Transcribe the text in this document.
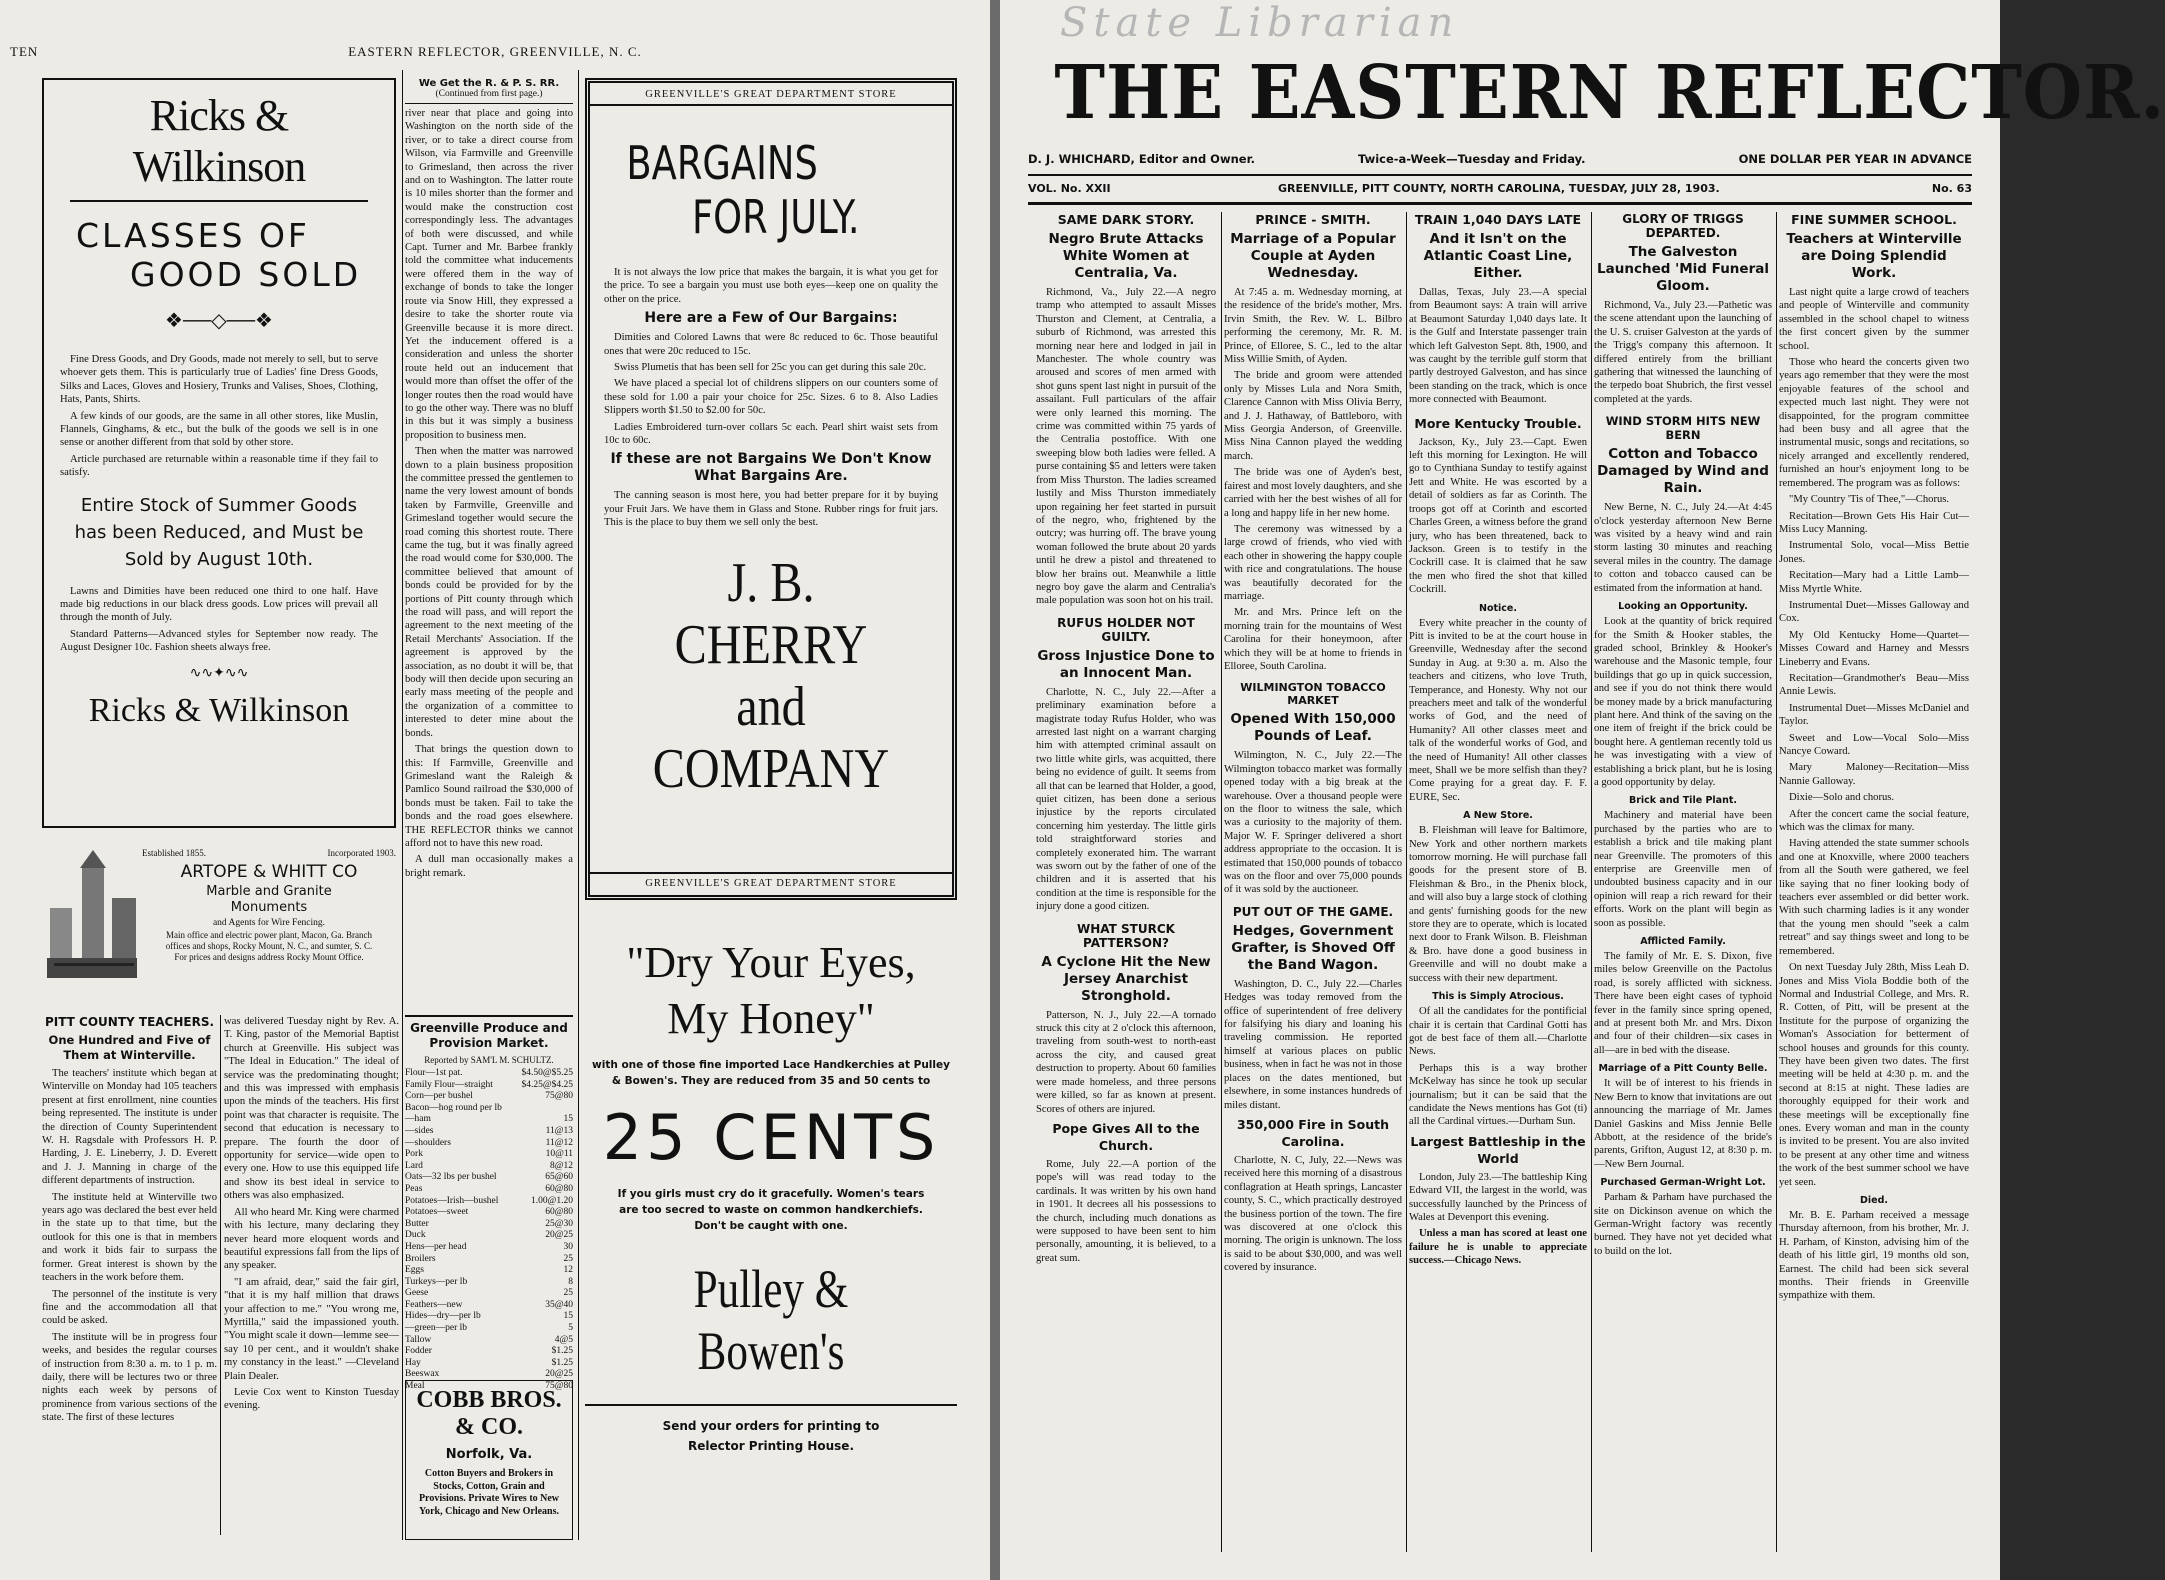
TEN	EASTERN REFLECTOR, GREENVILLE, N. C.
Ricks & Wilkinson
CLASSES OF
GOOD SOLD
❖──◇──❖

Fine Dress Goods, and Dry Goods, made not merely to sell, but to serve whoever gets them. This is particularly true of Ladies' fine Dress Goods, Silks and Laces, Gloves and Hosiery, Trunks and Valises, Shoes, Clothing, Hats, Pants, Shirts.

A few kinds of our goods, are the same in all other stores, like Muslin, Flannels, Ginghams, & etc., but the bulk of the goods we sell is in one sense or another different from that sold by other store.

Article purchased are returnable within a reasonable time if they fail to satisfy.

Entire Stock of Summer Goods has been Reduced, and Must be Sold by August 10th.

Lawns and Dimities have been reduced one third to one half. Have made big reductions in our black dress goods. Low prices will prevail all through the month of July.

Standard Patterns—Advanced styles for September now ready. The August Designer 10c. Fashion sheets always free.

∿∿✦∿∿
Ricks & Wilkinson
Established 1855.	Incorporated 1903.
ARTOPE & WHITT CO
Marble and Granite Monuments
and Agents for Wire Fencing.
Main office and electric power plant, Macon, Ga. Branch offices and shops, Rocky Mount, N. C., and sumter, S. C. For prices and designs address Rocky Mount Office.
PITT COUNTY TEACHERS.
One Hundred and Five of Them at Winterville.

The teachers' institute which began at Winterville on Monday had 105 teachers present at first enrollment, nine counties being represented. The institute is under the direction of County Superintendent W. H. Ragsdale with Professors H. P. Harding, J. E. Lineberry, J. D. Everett and J. J. Manning in charge of the different departments of instruction.

The institute held at Winterville two years ago was declared the best ever held in the state up to that time, but the outlook for this one is that in members and work it bids fair to surpass the former. Great interest is shown by the teachers in the work before them.

The personnel of the institute is very fine and the accommodation all that could be asked.

The institute will be in progress four weeks, and besides the regular courses of instruction from 8:30 a. m. to 1 p. m. daily, there will be lectures two or three nights each week by persons of prominence from various sections of the state. The first of these lectures

was delivered Tuesday night by Rev. A. T. King, pastor of the Memorial Baptist church at Greenville. His subject was "The Ideal in Education." The ideal of service was the predominating thought; and this was impressed with emphasis upon the minds of the teachers. His first point was that character is requisite. The second that education is necessary to prepare. The fourth the door of opportunity for service—wide open to every one. How to use this equipped life and show its best ideal in service to others was also emphasized.

All who heard Mr. King were charmed with his lecture, many declaring they never heard more eloquent words and beautiful expressions fall from the lips of any speaker.

"I am afraid, dear," said the fair girl, "that it is my half million that draws your affection to me." "You wrong me, Myrtilla," said the impassioned youth. "You might scale it down—lemme see—say 10 per cent., and it wouldn't shake my constancy in the least." —Cleveland Plain Dealer.

Levie Cox went to Kinston Tuesday evening.

We Get the R. & P. S. RR.
(Continued from first page.)

river near that place and going into Washington on the north side of the river, or to take a direct course from Wilson, via Farmville and Greenville to Grimesland, then across the river and on to Washington. The latter route is 10 miles shorter than the former and would make the construction cost correspondingly less. The advantages of both were discussed, and while Capt. Turner and Mr. Barbee frankly told the committee what inducements were offered them in the way of exchange of bonds to take the longer route via Snow Hill, they expressed a desire to take the shorter route via Greenville because it is more direct. Yet the inducement offered is a consideration and unless the shorter route held out an inducement that would more than offset the offer of the longer routes then the road would have to go the other way. There was no bluff in this but it was simply a business proposition to business men.

Then when the matter was narrowed down to a plain business proposition the committee pressed the gentlemen to name the very lowest amount of bonds taken by Farmville, Greenville and Grimesland together would secure the road coming this shortest route. There came the tug, but it was finally agreed the road would come for $30,000. The committee believed that amount of bonds could be provided for by the portions of Pitt county through which the road will pass, and will report the agreement to the next meeting of the Retail Merchants' Association. If the agreement is approved by the association, as no doubt it will be, that body will then decide upon securing an early mass meeting of the people and the organization of a committee to interested to deter mine about the bonds.

That brings the question down to this: If Farmville, Greenville and Grimesland want the Raleigh & Pamlico Sound railroad the $30,000 of bonds must be taken. Fail to take the bonds and the road goes elsewhere. THE REFLECTOR thinks we cannot afford not to have this new road.

A dull man occasionally makes a bright remark.

Greenville Produce and Provision Market.
Reported by SAM'L M. SCHULTZ.
Flour—1st pat.	$4.50@$5.25
Family Flour—straight	$4.25@$4.25
Corn—per bushel	75@80
Bacon—hog round per lb
—ham	15
—sides	11@13
—shoulders	11@12
Pork	10@11
Lard	8@12
Oats—32 lbs per bushel	65@60
Peas	60@80
Potatoes—Irish—bushel	1.00@1.20
Potatoes—sweet	60@80
Butter	25@30
Duck	20@25
Hens—per head	30
Broilers	25
Eggs	12
Turkeys—per lb	8
Geese	25
Feathers—new	35@40
Hides—dry—per lb	15
—green—per lb	5
Tallow	4@5
Fodder	$1.25
Hay	$1.25
Beeswax	20@25
Meal	75@80
COBB BROS. & CO.
Norfolk, Va.
Cotton Buyers and Brokers in Stocks, Cotton, Grain and Provisions. Private Wires to New York, Chicago and New Orleans.
GREENVILLE'S GREAT DEPARTMENT STORE
BARGAINS
FOR JULY.

It is not always the low price that makes the bargain, it is what you get for the price. To see a bargain you must use both eyes—keep one on quality the other on the price.

Here are a Few of Our Bargains:

Dimities and Colored Lawns that were 8c reduced to 6c. Those beautiful ones that were 20c reduced to 15c.

Swiss Plumetis that has been sell for 25c you can get during this sale 20c.

We have placed a special lot of childrens slippers on our counters some of these sold for 1.00 a pair your choice for 25c. Sizes. 6 to 8. Also Ladies Slippers worth $1.50 to $2.00 for 50c.

Ladies Embroidered turn-over collars 5c each. Pearl shirt waist sets from 10c to 60c.

If these are not Bargains We Don't Know What Bargains Are.

The canning season is most here, you had better prepare for it by buying your Fruit Jars. We have them in Glass and Stone. Rubber rings for fruit jars. This is the place to buy them we sell only the best.

J. B. CHERRY
and COMPANY
GREENVILLE'S GREAT DEPARTMENT STORE
"Dry Your Eyes, My Honey"
with one of those fine imported Lace Handkerchies at Pulley & Bowen's. They are reduced from 35 and 50 cents to
25 CENTS
If you girls must cry do it gracefully. Women's tears are too secred to waste on common handkerchiefs. Don't be caught with one.
Pulley & Bowen's
Send your orders for printing to Relector Printing House.
State Librarian
THE EASTERN REFLECTOR.
D. J. WHICHARD, Editor and Owner.	Twice-a-Week—Tuesday and Friday.	ONE DOLLAR PER YEAR IN ADVANCE
VOL. No. XXII	GREENVILLE, PITT COUNTY, NORTH CAROLINA, TUESDAY, JULY 28, 1903.	No. 63
SAME DARK STORY.
Negro Brute Attacks White Women at Centralia, Va.

Richmond, Va., July 22.—A negro tramp who attempted to assault Misses Thurston and Clement, at Centralia, a suburb of Richmond, was arrested this morning near here and lodged in jail in Manchester. The whole country was aroused and scores of men armed with shot guns spent last night in pursuit of the assailant. Full particulars of the affair were only learned this morning. The crime was committed within 75 yards of the Centralia postoffice. With one sweeping blow both ladies were felled. A purse containing $5 and letters were taken from Miss Thurston. The ladies screamed lustily and Miss Thurston immediately upon regaining her feet started in pursuit of the negro, who, frightened by the outcry; was hurring off. The brave young woman followed the brute about 20 yards until he drew a pistol and threatened to blow her brains out. Meanwhile a little negro boy gave the alarm and Centralia's male population was soon hot on his trail.

RUFUS HOLDER NOT GUILTY.
Gross Injustice Done to an Innocent Man.

Charlotte, N. C., July 22.—After a preliminary examination before a magistrate today Rufus Holder, who was arrested last night on a warrant charging him with attempted criminal assault on two little white girls, was acquitted, there being no evidence of guilt. It seems from all that can be learned that Holder, a good, quiet citizen, has been done a serious injustice by the reports circulated concerning him yesterday. The little girls told straightforward stories and completely exonerated him. The warrant was sworn out by the father of one of the children and it is asserted that his condition at the time is responsible for the injury done a good citizen.

WHAT STURCK PATTERSON?
A Cyclone Hit the New Jersey Anarchist Stronghold.

Patterson, N. J., July 22.—A tornado struck this city at 2 o'clock this afternoon, traveling from south-west to north-east across the city, and caused great destruction to property. About 60 families were made homeless, and three persons were killed, so far as known at present. Scores of others are injured.

Pope Gives All to the Church.

Rome, July 22.—A portion of the pope's will was read today to the cardinals. It was written by his own hand in 1901. It decrees all his possessions to the church, including much donations as were supposed to have been sent to him personally, amounting, it is believed, to a great sum.

PRINCE - SMITH.
Marriage of a Popular Couple at Ayden Wednesday.

At 7:45 a. m. Wednesday morning, at the residence of the bride's mother, Mrs. Irvin Smith, the Rev. W. L. Bilbro performing the ceremony, Mr. R. M. Prince, of Elloree, S. C., led to the altar Miss Willie Smith, of Ayden.

The bride and groom were attended only by Misses Lula and Nora Smith, Clarence Cannon with Miss Olivia Berry, and J. J. Hathaway, of Battleboro, with Miss Georgia Anderson, of Greenville. Miss Nina Cannon played the wedding march.

The bride was one of Ayden's best, fairest and most lovely daughters, and she carried with her the best wishes of all for a long and happy life in her new home.

The ceremony was witnessed by a large crowd of friends, who vied with each other in showering the happy couple with rice and congratulations. The house was beautifully decorated for the marriage.

Mr. and Mrs. Prince left on the morning train for the mountains of West Carolina for their honeymoon, after which they will be at home to friends in Elloree, South Carolina.

WILMINGTON TOBACCO MARKET
Opened With 150,000 Pounds of Leaf.

Wilmington, N. C., July 22.—The Wilmington tobacco market was formally opened today with a big break at the warehouse. Over a thousand people were on the floor to witness the sale, which was a curiosity to the majority of them. Major W. F. Springer delivered a short address appropriate to the occasion. It is estimated that 150,000 pounds of tobacco was on the floor and over 75,000 pounds of it was sold by the auctioneer.

PUT OUT OF THE GAME.
Hedges, Government Grafter, is Shoved Off the Band Wagon.

Washington, D. C., July 22.—Charles Hedges was today removed from the office of superintendent of free delivery for falsifying his diary and loaning his traveling commission. He reported himself at various places on public business, when in fact he was not in those places on the dates mentioned, but elsewhere, in some instances hundreds of miles distant.

350,000 Fire in South Carolina.

Charlotte, N. C, July, 22.—News was received here this morning of a disastrous conflagration at Heath springs, Lancaster county, S. C., which practically destroyed the business portion of the town. The fire was discovered at one o'clock this morning. The origin is unknown. The loss is said to be about $30,000, and was well covered by insurance.

TRAIN 1,040 DAYS LATE
And it Isn't on the Atlantic Coast Line, Either.

Dallas, Texas, July 23.—A special from Beaumont says: A train will arrive at Beaumont Saturday 1,040 days late. It is the Gulf and Interstate passenger train which left Galveston Sept. 8th, 1900, and was caught by the terrible gulf storm that partly destroyed Galveston, and has since been standing on the track, which is once more connected with Beaumont.

More Kentucky Trouble.

Jackson, Ky., July 23.—Capt. Ewen left this morning for Lexington. He will go to Cynthiana Sunday to testify against Jett and White. He was escorted by a detail of soldiers as far as Corinth. The troops got off at Corinth and escorted Charles Green, a witness before the grand jury, who has been threatened, back to Jackson. Green is to testify in the Cockrill case. It is claimed that he saw the men who fired the shot that killed Cockrill.

Notice.

Every white preacher in the county of Pitt is invited to be at the court house in Greenville, Wednesday after the second Sunday in Aug. at 9:30 a. m. Also the teachers and citizens, who love Truth, Temperance, and Honesty. Why not our preachers meet and talk of the wonderful works of God, and the need of Humanity? All other classes meet and talk of the wonderful works of God, and the need of Humanity! All other classes meet, Shall we be more selfish than they? Come praying for a great day. F. F. EURE, Sec.

A New Store.

B. Fleishman will leave for Baltimore, New York and other northern markets tomorrow morning. He will purchase fall goods for the present store of B. Fleishman & Bro., in the Phenix block, and will also buy a large stock of clothing and gents' furnishing goods for the new store they are to operate, which is located next door to Frank Wilson. B. Fleishman & Bro. have done a good business in Greenville and will no doubt make a success with their new department.

This is Simply Atrocious.

Of all the candidates for the pontificial chair it is certain that Cardinal Gotti has got de best face of them all.—Charlotte News.

Perhaps this is a way brother McKelway has since he took up secular journalism; but it can be said that the candidate the News mentions has Got (ti) all the Cardinal virtues.—Durham Sun.

Largest Battleship in the World

London, July 23.—The battleship King Edward VII, the largest in the world, was successfully launched by the Princess of Wales at Devenport this evening.

Unless a man has scored at least one failure he is unable to appreciate success.—Chicago News.

GLORY OF TRIGGS DEPARTED.
The Galveston Launched 'Mid Funeral Gloom.

Richmond, Va., July 23.—Pathetic was the scene attendant upon the launching of the U. S. cruiser Galveston at the yards of the Trigg's company this afternoon. It differed entirely from the brilliant gathering that witnessed the launching of the terpedo boat Shubrich, the first vessel completed at the yards.

WIND STORM HITS NEW BERN
Cotton and Tobacco Damaged by Wind and Rain.

New Berne, N. C., July 24.—At 4:45 o'clock yesterday afternoon New Berne was visited by a heavy wind and rain storm lasting 30 minutes and reaching several miles in the country. The damage to cotton and tobacco caused can be estimated from the information at hand.

Looking an Opportunity.

Look at the quantity of brick required for the Smith & Hooker stables, the graded school, Brinkley & Hooker's warehouse and the Masonic temple, four buildings that go up in quick succession, and see if you do not think there would be money made by a brick manufacturing plant here. And think of the saving on the one item of freight if the brick could be bought here. A gentleman recently told us he was investigating with a view of establishing a brick plant, but he is losing a good opportunity by delay.

Brick and Tile Plant.

Machinery and material have been purchased by the parties who are to establish a brick and tile making plant near Greenville. The promoters of this enterprise are Greenville men of undoubted business capacity and in our opinion will reap a rich reward for their efforts. Work on the plant will begin as soon as possible.

Afflicted Family.

The family of Mr. E. S. Dixon, five miles below Greenville on the Pactolus road, is sorely afflicted with sickness. There have been eight cases of typhoid fever in the family since spring opened, and at present both Mr. and Mrs. Dixon and four of their children—six cases in all—are in bed with the disease.

Marriage of a Pitt County Belle.

It will be of interest to his friends in New Bern to know that invitations are out announcing the marriage of Mr. James Daniel Gaskins and Miss Jennie Belle Abbott, at the residence of the bride's parents, Grifton, August 12, at 8:30 p. m.—New Bern Journal.

Purchased German-Wright Lot.

Parham & Parham have purchased the site on Dickinson avenue on which the German-Wright factory was recently burned. They have not yet decided what to build on the lot.

FINE SUMMER SCHOOL.
Teachers at Winterville are Doing Splendid Work.

Last night quite a large crowd of teachers and people of Winterville and community assembled in the school chapel to witness the first concert given by the summer school.

Those who heard the concerts given two years ago remember that they were the most enjoyable features of the school and expected much last night. They were not disappointed, for the program committee had been busy and all agree that the instrumental music, songs and recitations, so nicely arranged and excellently rendered, furnished an hour's enjoyment long to be remembered. The program was as follows:

"My Country 'Tis of Thee,"—Chorus.

Recitation—Brown Gets His Hair Cut—Miss Lucy Manning.

Instrumental Solo, vocal—Miss Bettie Jones.

Recitation—Mary had a Little Lamb—Miss Myrtle White.

Instrumental Duet—Misses Galloway and Cox.

My Old Kentucky Home—Quartet—Misses Coward and Harney and Messrs Lineberry and Evans.

Recitation—Grandmother's Beau—Miss Annie Lewis.

Instrumental Duet—Misses McDaniel and Taylor.

Sweet and Low—Vocal Solo—Miss Nancye Coward.

Mary Maloney—Recitation—Miss Nannie Galloway.

Dixie—Solo and chorus.

After the concert came the social feature, which was the climax for many.

Having attended the state summer schools and one at Knoxville, where 2000 teachers from all the South were gathered, we feel like saying that no finer looking body of teachers ever assembled or did better work. With such charming ladies is it any wonder that the young men should "seek a calm retreat" and say things sweet and long to be remembered.

On next Tuesday July 28th, Miss Leah D. Jones and Miss Viola Boddie both of the Normal and Industrial College, and Mrs. R. R. Cotten, of Pitt, will be present at the Institute for the purpose of organizing the Woman's Association for betterment of school houses and grounds for this county. They have been given two dates. The first meeting will be held at 4:30 p. m. and the second at 8:15 at night. These ladies are thoroughly equipped for their work and these meetings will be exceptionally fine ones. Every woman and man in the county is invited to be present. You are also invited to be present at any other time and witness the work of the best summer school we have yet seen.

Died.

Mr. B. E. Parham received a message Thursday afternoon, from his brother, Mr. J. H. Parham, of Kinston, advising him of the death of his little girl, 19 months old son, Earnest. The child had been sick several months. Their friends in Greenville sympathize with them.
